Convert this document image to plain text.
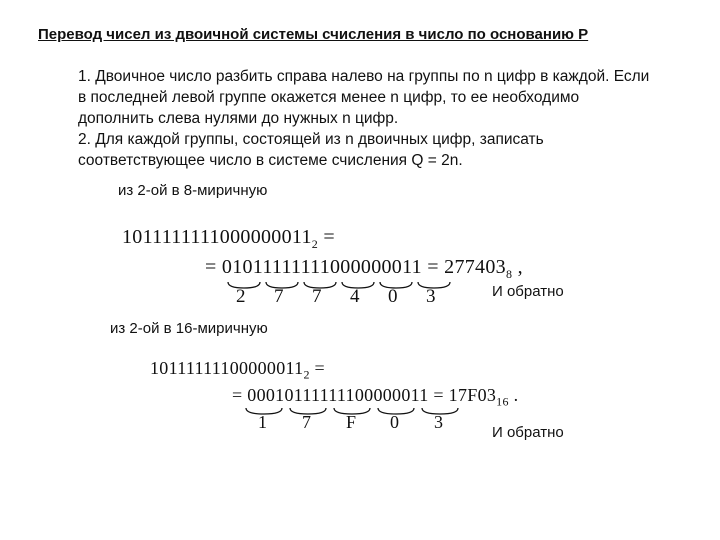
Перевод чисел из двоичной системы счисления в число по основанию Р

1. Двоичное число разбить справа налево на группы по n цифр в каждой. Если в последней левой группе окажется менее n цифр, то ее необходимо дополнить слева нулями до нужных n цифр.

2. Для каждой группы, состоящей из n двоичных цифр, записать соответствующее число в системе счисления Q = 2n.

из 2-ой в 8-миричную
$1011111111000000011_2$ =
= $01011111111000000011 = 277403_8$ ,
2 7 7 4 0 3	И обратно
из 2-ой в 16-миричную
$10111111100000011_2$ =
= $00010111111100000011 = 17F03_{16}$ .
1 7 F 0 3
И обратно
